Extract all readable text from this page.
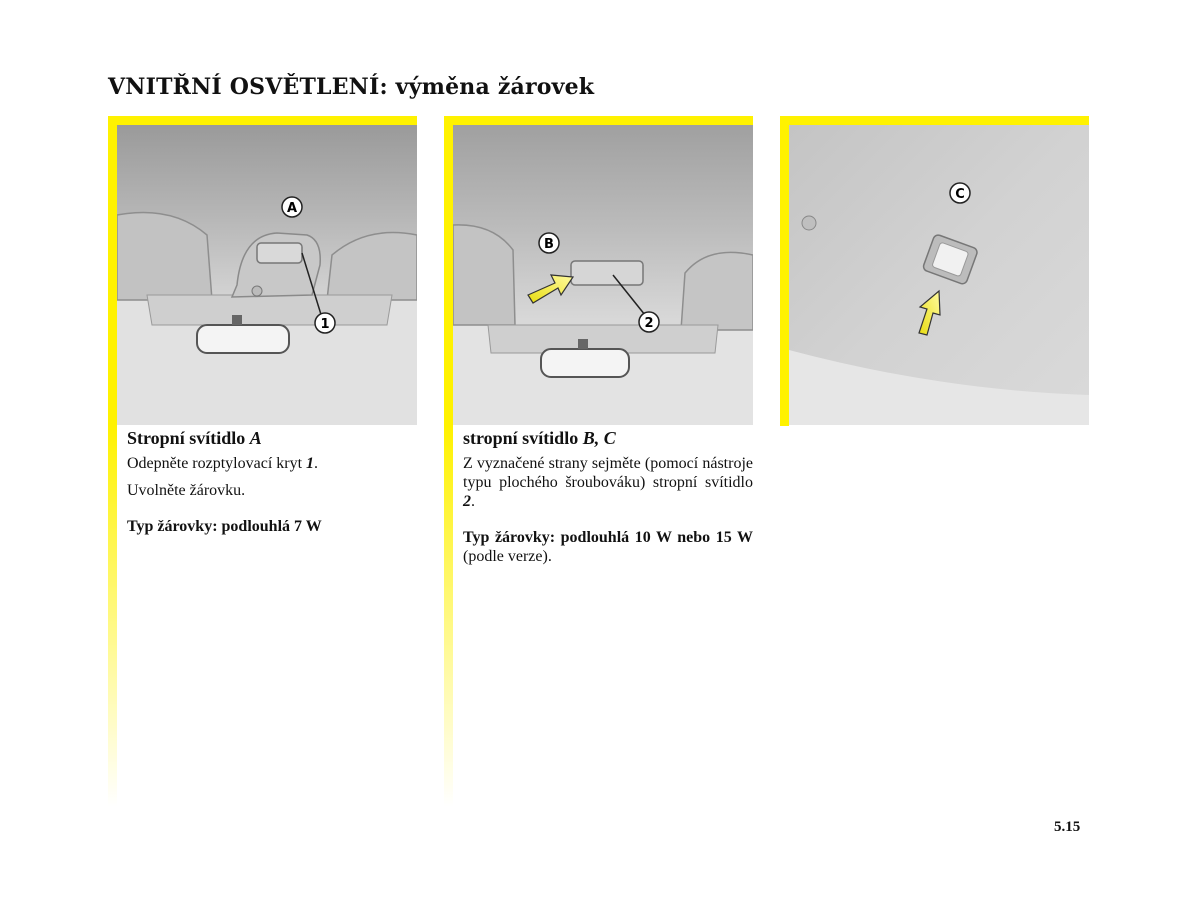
VNITŘNÍ OSVĚTLENÍ: výměna žárovek
A
1
Stropní svítidlo A
Odepněte rozptylovací kryt 1.
Uvolněte žárovku.
Typ žárovky: podlouhlá 7 W
B
2
stropní svítidlo B, C
Z vyznačené strany sejměte (pomocí nástroje typu plochého šroubováku) stropní svítidlo 2.
Typ žárovky: podlouhlá 10 W nebo 15 W (podle verze).
C
5.15
